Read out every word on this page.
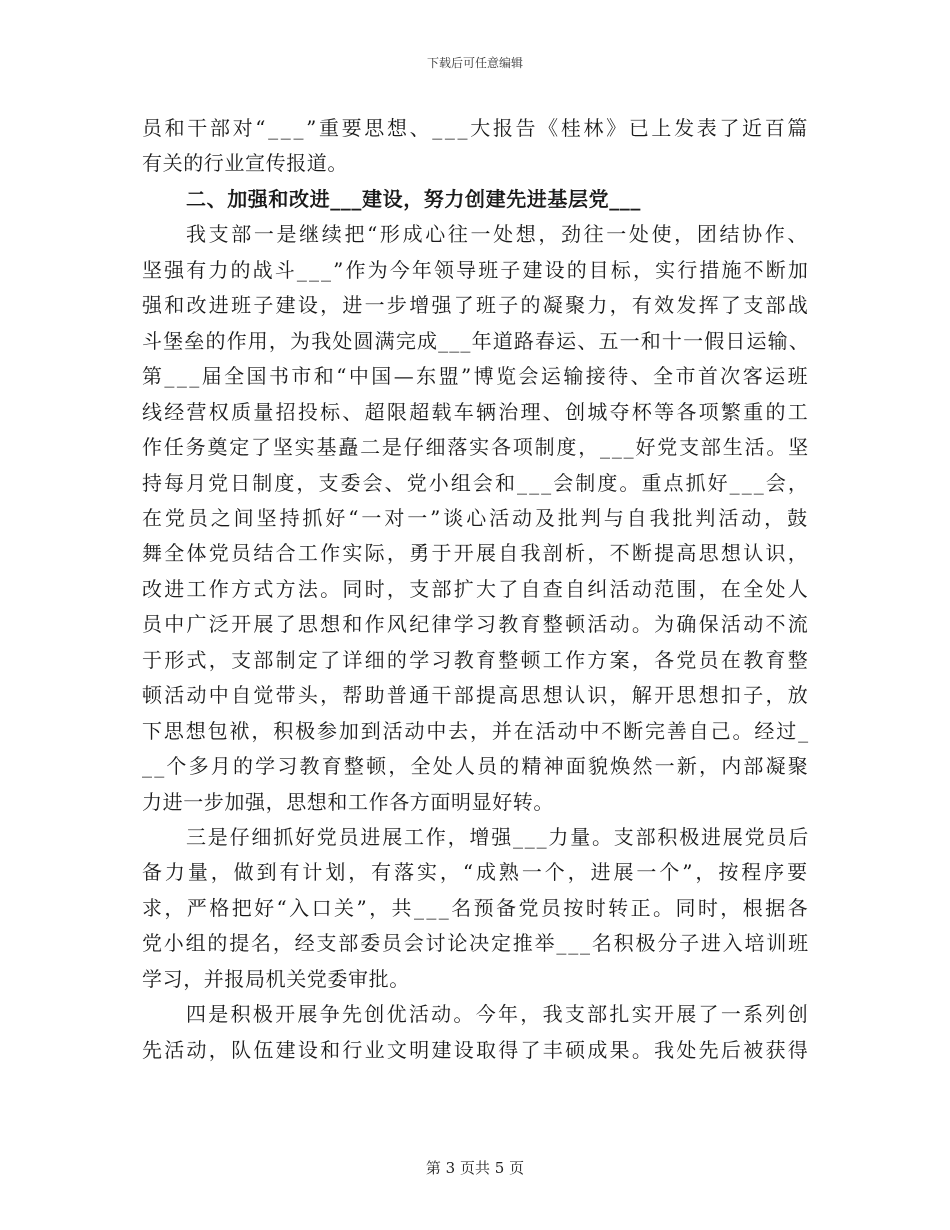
下载后可任意编辑
员和干部对“___”重要思想、___大报告《桂林》已上发表了近百篇
有关的行业宣传报道。
二、加强和改进___建设，努力创建先进基层党___
我支部一是继续把“形成心往一处想，劲往一处使，团结协作、
坚强有力的战斗___”作为今年领导班子建设的目标，实行措施不断加
强和改进班子建设，进一步增强了班子的凝聚力，有效发挥了支部战
斗堡垒的作用，为我处圆满完成___年道路春运、五一和十一假日运输、
第___届全国书市和“中国—东盟”博览会运输接待、全市首次客运班
线经营权质量招投标、超限超载车辆治理、创城夺杯等各项繁重的工
作任务奠定了坚实基矗二是仔细落实各项制度，___好党支部生活。坚
持每月党日制度，支委会、党小组会和___会制度。重点抓好___会，
在党员之间坚持抓好“一对一”谈心活动及批判与自我批判活动，鼓
舞全体党员结合工作实际，勇于开展自我剖析，不断提高思想认识，
改进工作方式方法。同时，支部扩大了自查自纠活动范围，在全处人
员中广泛开展了思想和作风纪律学习教育整顿活动。为确保活动不流
于形式，支部制定了详细的学习教育整顿工作方案，各党员在教育整
顿活动中自觉带头，帮助普通干部提高思想认识，解开思想扣子，放
下思想包袱，积极参加到活动中去，并在活动中不断完善自己。经过_
__个多月的学习教育整顿，全处人员的精神面貌焕然一新，内部凝聚
力进一步加强，思想和工作各方面明显好转。
三是仔细抓好党员进展工作，增强___力量。支部积极进展党员后
备力量，做到有计划，有落实，“成熟一个，进展一个”，按程序要
求，严格把好“入口关”，共___名预备党员按时转正。同时，根据各
党小组的提名，经支部委员会讨论决定推举___名积极分子进入培训班
学习，并报局机关党委审批。
四是积极开展争先创优活动。今年，我支部扎实开展了一系列创
先活动，队伍建设和行业文明建设取得了丰硕成果。我处先后被获得
第 3 页共 5 页
